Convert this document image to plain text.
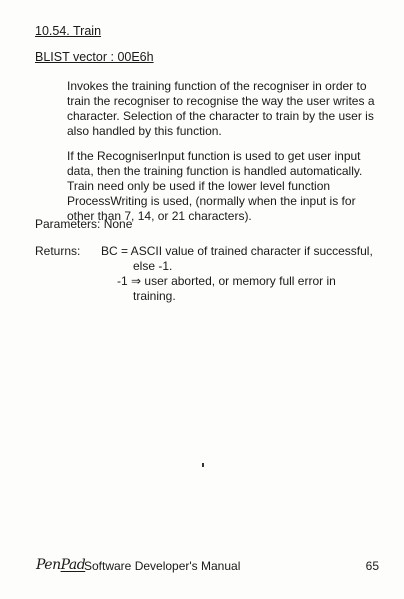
10.54. Train
BLIST vector : 00E6h
Invokes the training function of the recogniser in order to
train the recogniser to recognise the way the user writes a
character. Selection of the character to train by the user is
also handled by this function.
If the RecogniserInput function is used to get user input
data, then the training function is handled automatically.
Train need only be used if the lower level function
ProcessWriting is used, (normally when the input is for
other than 7, 14, or 21 characters).
Parameters: None
Returns: BC = ASCII value of trained character if successful,
else -1.
-1 ⇒ user aborted, or memory full error in
training.
PenPad
Software Developer's Manual	65
